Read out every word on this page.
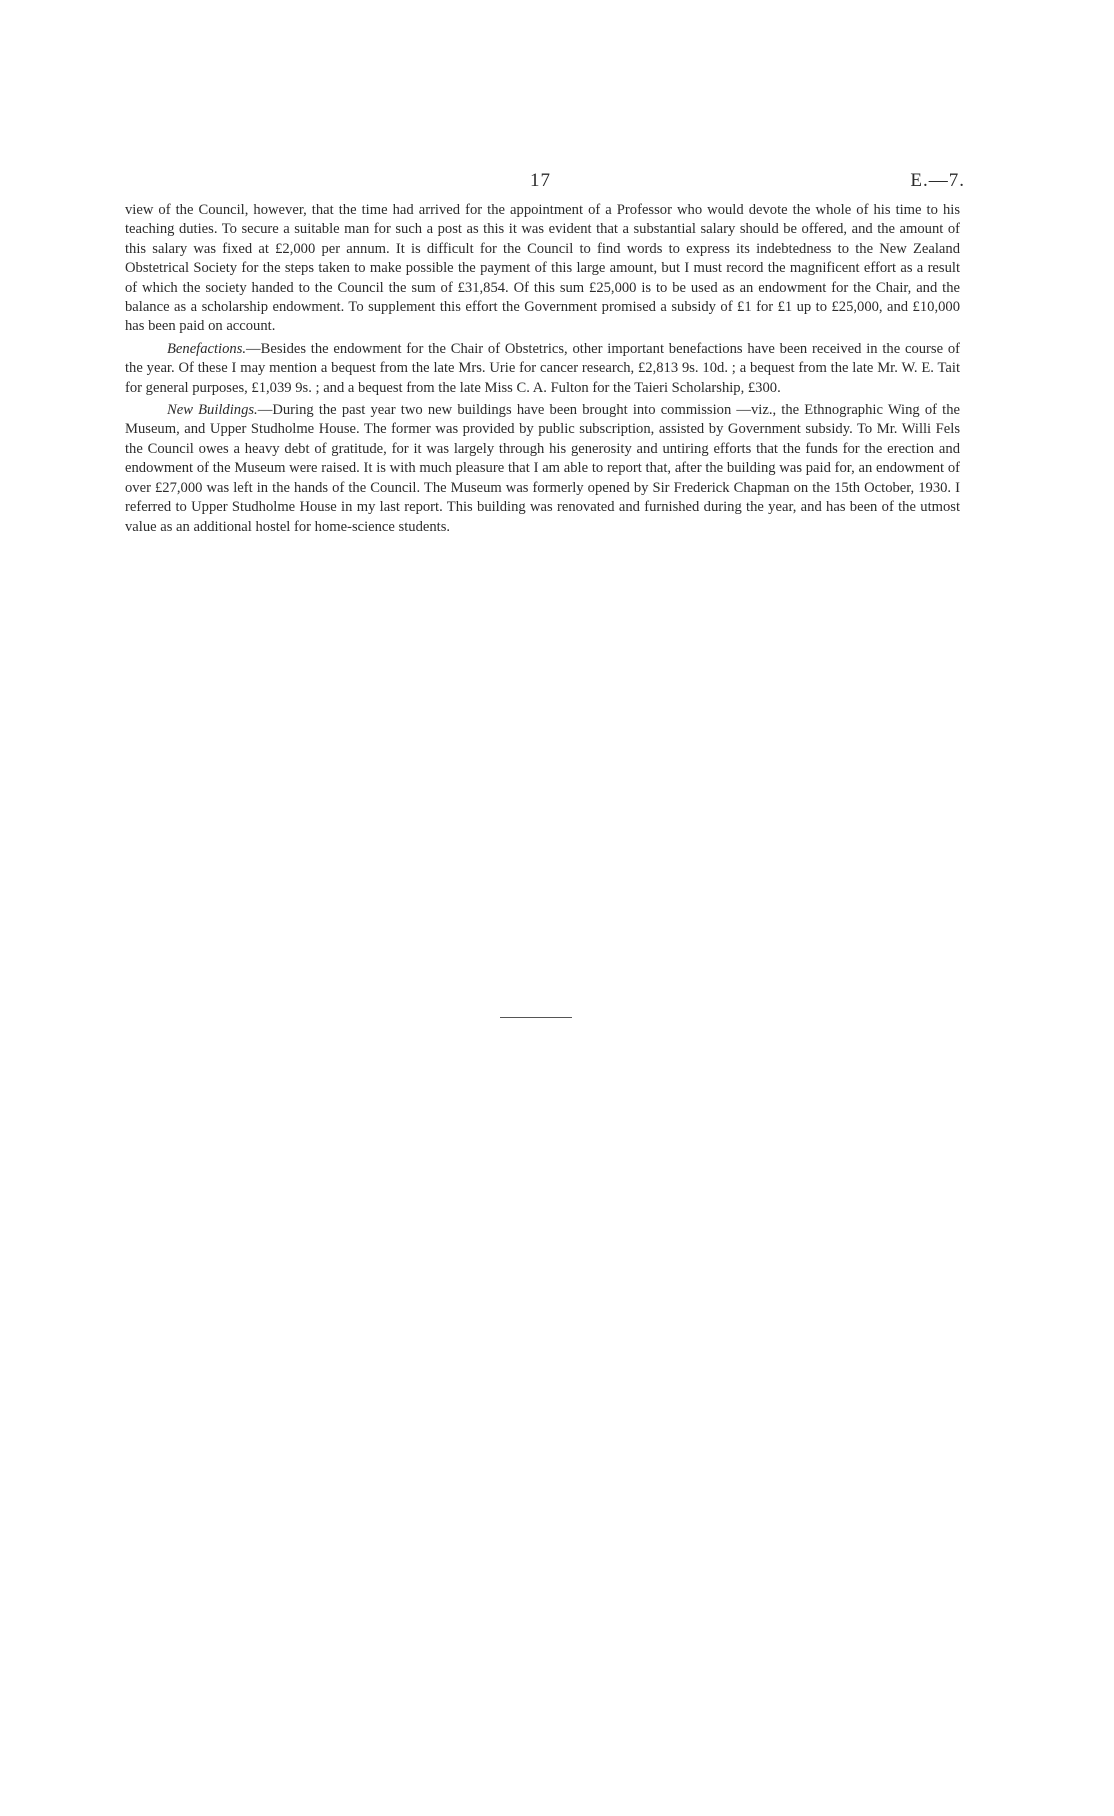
17	E.—7.

view of the Council, however, that the time had arrived for the appointment of a Professor who would devote the whole of his time to his teaching duties. To secure a suitable man for such a post as this it was evident that a substantial salary should be offered, and the amount of this salary was fixed at £2,000 per annum. It is difficult for the Council to find words to express its indebtedness to the New Zealand Obstetrical Society for the steps taken to make possible the payment of this large amount, but I must record the magnificent effort as a result of which the society handed to the Council the sum of £31,854. Of this sum £25,000 is to be used as an endowment for the Chair, and the balance as a scholarship endowment. To supplement this effort the Government promised a subsidy of £1 for £1 up to £25,000, and £10,000 has been paid on account.

Benefactions.—Besides the endowment for the Chair of Obstetrics, other important benefactions have been received in the course of the year. Of these I may mention a bequest from the late Mrs. Urie for cancer research, £2,813 9s. 10d. ; a bequest from the late Mr. W. E. Tait for general purposes, £1,039 9s. ; and a bequest from the late Miss C. A. Fulton for the Taieri Scholarship, £300.

New Buildings.—During the past year two new buildings have been brought into commission —viz., the Ethnographic Wing of the Museum, and Upper Studholme House. The former was provided by public subscription, assisted by Government subsidy. To Mr. Willi Fels the Council owes a heavy debt of gratitude, for it was largely through his generosity and untiring efforts that the funds for the erection and endowment of the Museum were raised. It is with much pleasure that I am able to report that, after the building was paid for, an endowment of over £27,000 was left in the hands of the Council. The Museum was formerly opened by Sir Frederick Chapman on the 15th October, 1930. I referred to Upper Studholme House in my last report. This building was renovated and furnished during the year, and has been of the utmost value as an additional hostel for home-science students.
